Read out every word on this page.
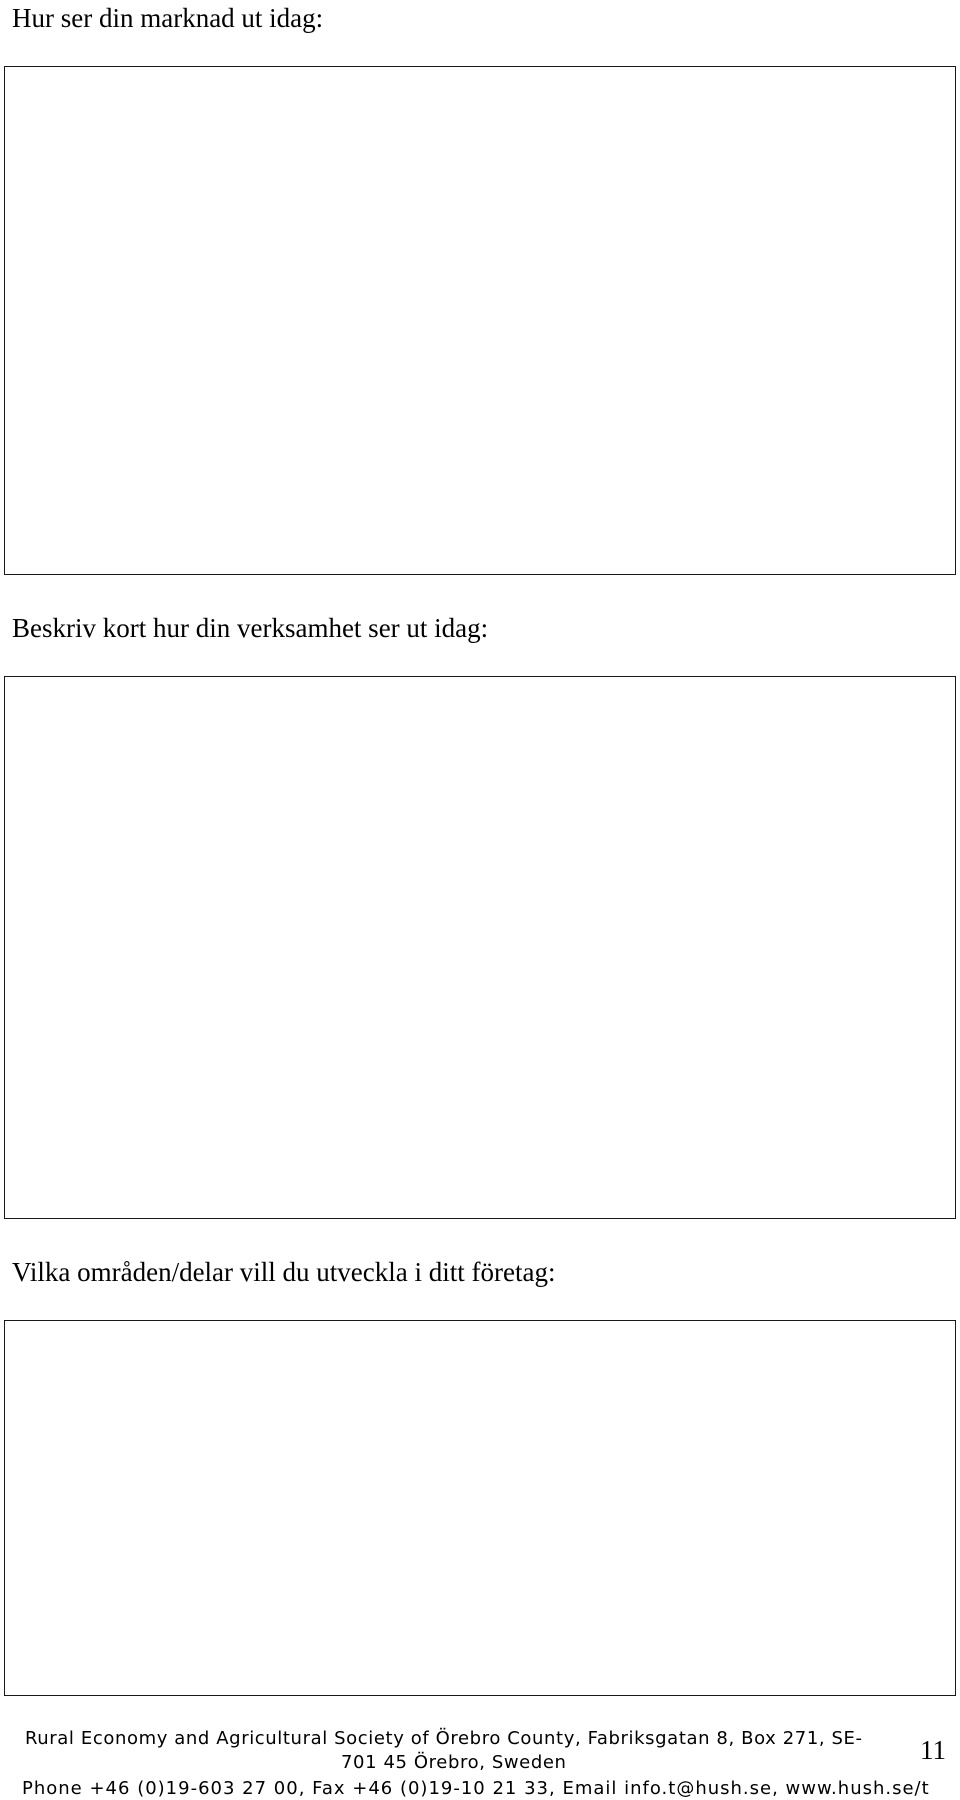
Hur ser din marknad ut idag:
Beskriv kort hur din verksamhet ser ut idag:
Vilka områden/delar vill du utveckla i ditt företag:
Rural Economy and Agricultural Society of Örebro County, Fabriksgatan 8, Box 271, SE-
701 45 Örebro, Sweden
Phone +46 (0)19-603 27 00, Fax +46 (0)19-10 21 33, Email info.t@hush.se, www.hush.se/t
11
